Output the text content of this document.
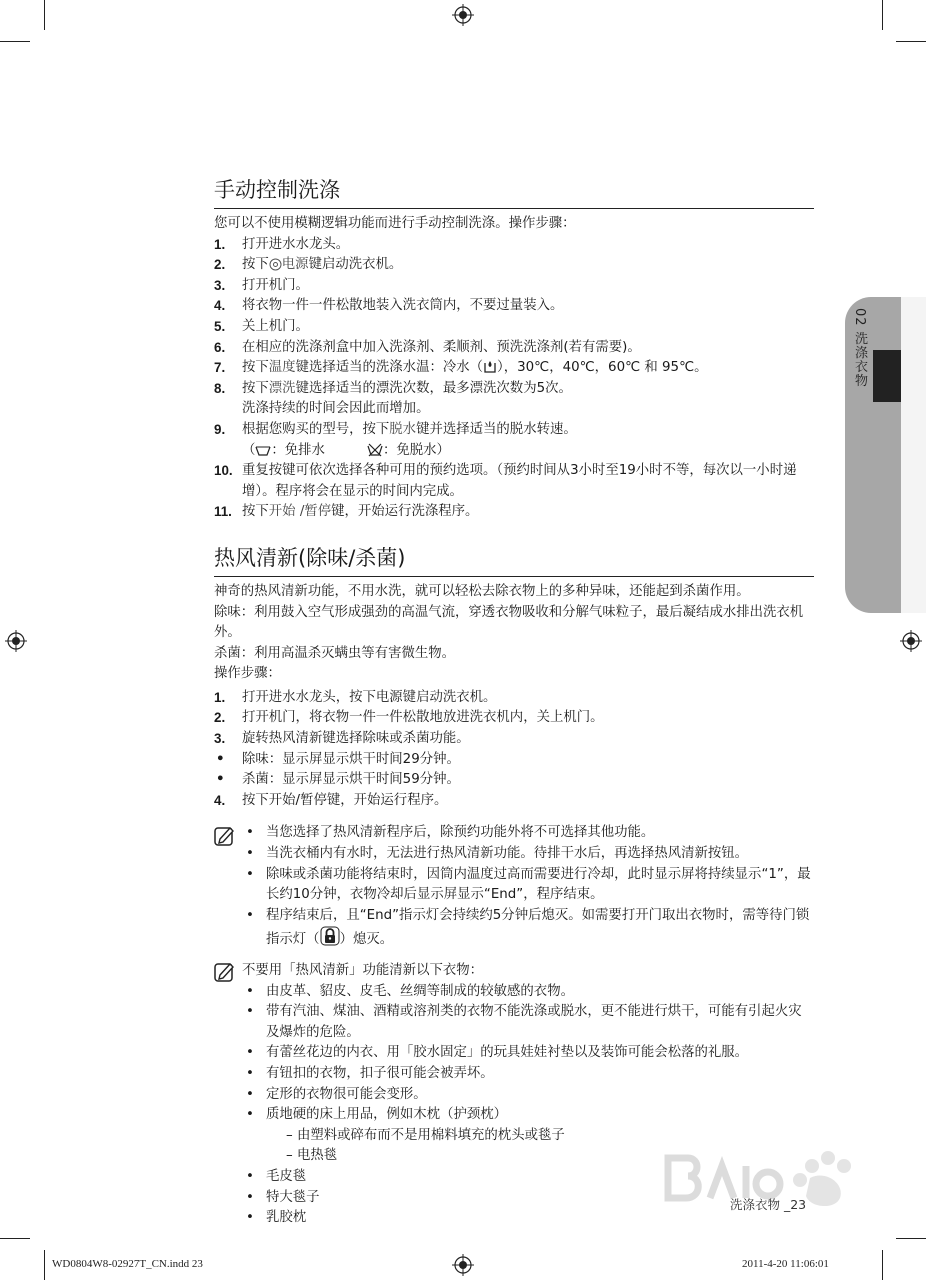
02 洗涤衣物
手动控制洗涤

您可以不使用模糊逻辑功能而进行手动控制洗涤。操作步骤：

1. 打开进水水龙头。
2. 按下 电源键启动洗衣机。
3. 打开机门。
4. 将衣物一件一件松散地装入洗衣筒内，不要过量装入。
5. 关上机门。
6. 在相应的洗涤剂盒中加入洗涤剂、柔顺剂、预洗洗涤剂(若有需要)。
7. 按下温度键选择适当的洗涤水温：冷水（ ），30℃，40℃，60℃ 和 95℃。
8. 按下漂洗键选择适当的漂洗次数，最多漂洗次数为5次。
洗涤持续的时间会因此而增加。
9. 根据您购买的型号，按下脱水键并选择适当的脱水转速。
（ ：免排水	：免脱水）
10. 重复按键可依次选择各种可用的预约选项。（预约时间从3小时至19小时不等，每次以一小时递增）。程序将会在显示的时间内完成。
11. 按下开始 /暂停键，开始运行洗涤程序。
热风清新(除味/杀菌)

神奇的热风清新功能，不用水洗，就可以轻松去除衣物上的多种异味，还能起到杀菌作用。

除味：利用鼓入空气形成强劲的高温气流，穿透衣物吸收和分解气味粒子，最后凝结成水排出洗衣机外。

杀菌：利用高温杀灭螨虫等有害微生物。

操作步骤：

1. 打开进水水龙头，按下电源键启动洗衣机。
2. 打开机门，将衣物一件一件松散地放进洗衣机内，关上机门。
3. 旋转热风清新键选择除味或杀菌功能。
• 除味：显示屏显示烘干时间29分钟。
• 杀菌：显示屏显示烘干时间59分钟。
4. 按下开始/暂停键，开始运行程序。
• 当您选择了热风清新程序后，除预约功能外将不可选择其他功能。
• 当洗衣桶内有水时，无法进行热风清新功能。待排干水后，再选择热风清新按钮。
• 除味或杀菌功能将结束时，因筒内温度过高而需要进行冷却，此时显示屏将持续显示“1”，最长约10分钟，衣物冷却后显示屏显示“End”，程序结束。
• 程序结束后，且“End”指示灯会持续约5分钟后熄灭。如需要打开门取出衣物时，需等待门锁指示灯（ ）熄灭。

不要用「热风清新」功能清新以下衣物：

• 由皮革、貂皮、皮毛、丝绸等制成的较敏感的衣物。
• 带有汽油、煤油、酒精或溶剂类的衣物不能洗涤或脱水，更不能进行烘干，可能有引起火灾及爆炸的危险。
• 有蕾丝花边的内衣、用「胶水固定」的玩具娃娃衬垫以及装饰可能会松落的礼服。
• 有钮扣的衣物，扣子很可能会被弄坏。
• 定形的衣物很可能会变形。
• 质地硬的床上用品，例如木枕（护颈枕）
– 由塑料或碎布而不是用棉料填充的枕头或毯子
– 电热毯
• 毛皮毯
• 特大毯子
• 乳胶枕
洗涤衣物 _23
WD0804W8-02927T_CN.indd 23	2011-4-20 11:06:01
